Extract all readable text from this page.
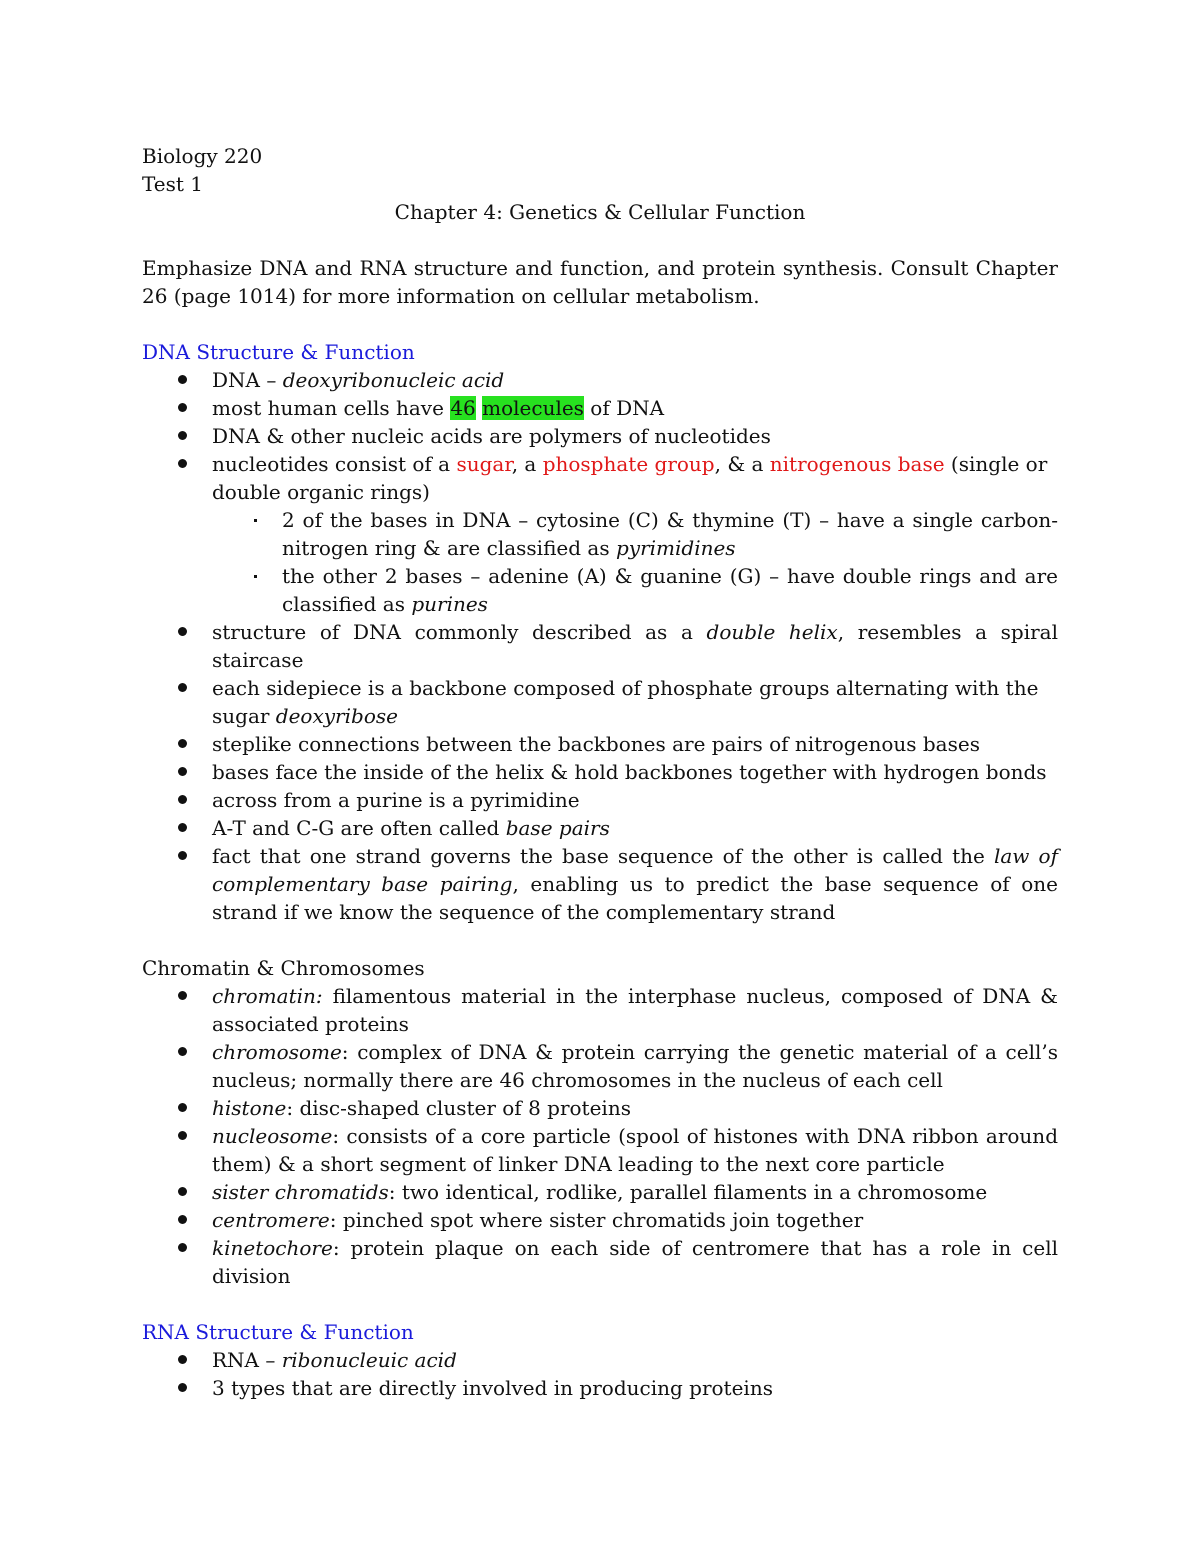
Biology 220

Test 1

Chapter 4: Genetics & Cellular Function

Emphasize DNA and RNA structure and function, and protein synthesis. Consult Chapter 26 (page 1014) for more information on cellular metabolism.

DNA Structure & Function

DNA – deoxyribonucleic acid
most human cells have 46 molecules of DNA
DNA & other nucleic acids are polymers of nucleotides
nucleotides consist of a sugar, a phosphate group, & a nitrogenous base (single or double organic rings)
2 of the bases in DNA – cytosine (C) & thymine (T) – have a single carbon-nitrogen ring & are classified as pyrimidines
the other 2 bases – adenine (A) & guanine (G) – have double rings and are classified as purines
structure of DNA commonly described as a double helix, resembles a spiral staircase
each sidepiece is a backbone composed of phosphate groups alternating with the sugar deoxyribose
steplike connections between the backbones are pairs of nitrogenous bases
bases face the inside of the helix & hold backbones together with hydrogen bonds
across from a purine is a pyrimidine
A-T and C-G are often called base pairs
fact that one strand governs the base sequence of the other is called the law of complementary base pairing, enabling us to predict the base sequence of one strand if we know the sequence of the complementary strand

Chromatin & Chromosomes

chromatin: filamentous material in the interphase nucleus, composed of DNA & associated proteins
chromosome: complex of DNA & protein carrying the genetic material of a cell’s nucleus; normally there are 46 chromosomes in the nucleus of each cell
histone: disc-shaped cluster of 8 proteins
nucleosome: consists of a core particle (spool of histones with DNA ribbon around them) & a short segment of linker DNA leading to the next core particle
sister chromatids: two identical, rodlike, parallel filaments in a chromosome
centromere: pinched spot where sister chromatids join together
kinetochore: protein plaque on each side of centromere that has a role in cell division

RNA Structure & Function

RNA – ribonucleuic acid
3 types that are directly involved in producing proteins
